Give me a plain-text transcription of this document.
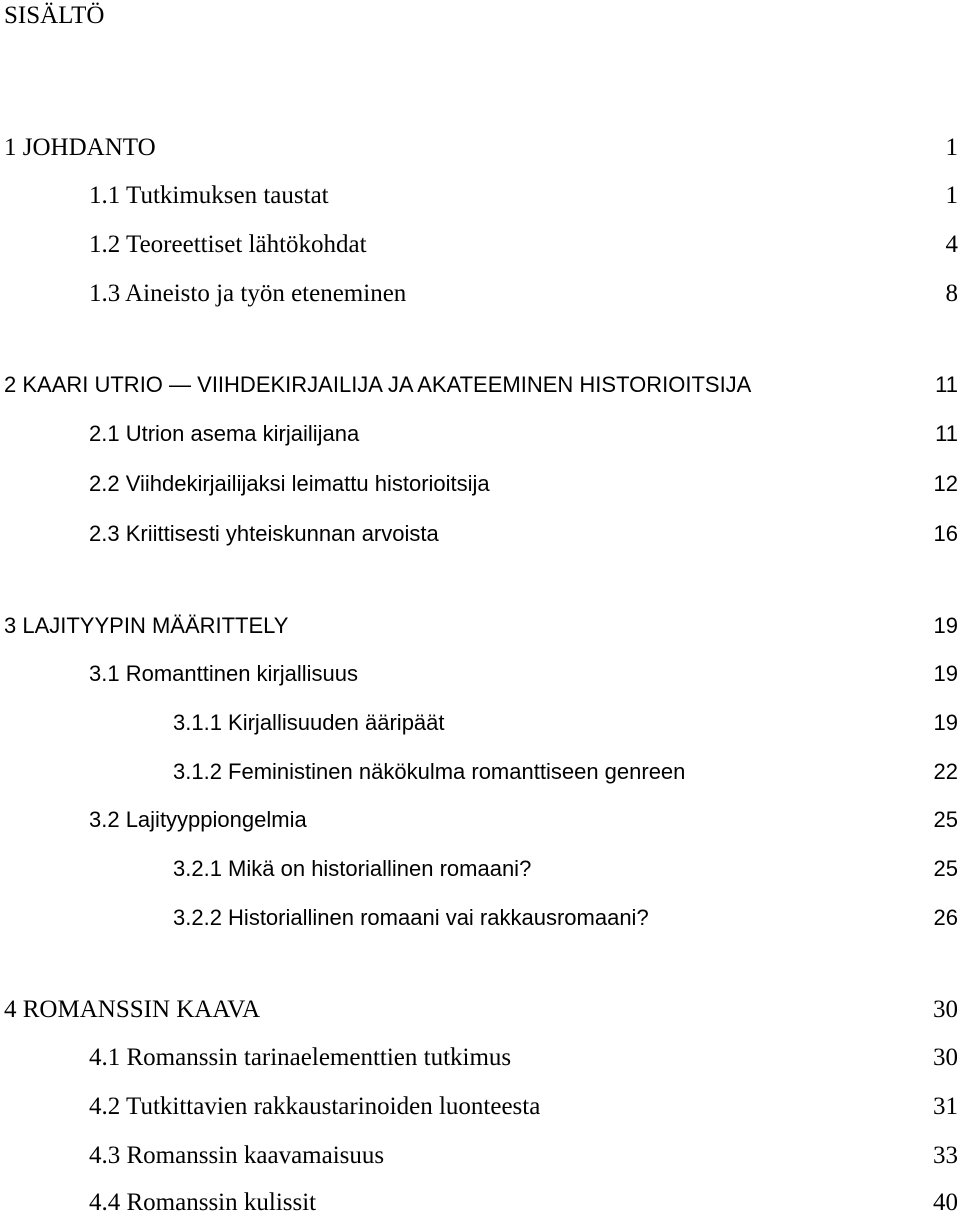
SISÄLTÖ
1 JOHDANTO	1
1.1 Tutkimuksen taustat	1
1.2 Teoreettiset lähtökohdat	4
1.3 Aineisto ja työn eteneminen	8
2 KAARI UTRIO — VIIHDEKIRJAILIJA JA AKATEEMINEN HISTORIOITSIJA	11
2.1 Utrion asema kirjailijana	11
2.2 Viihdekirjailijaksi leimattu historioitsija	12
2.3 Kriittisesti yhteiskunnan arvoista	16
3 LAJITYYPIN MÄÄRITTELY	19
3.1 Romanttinen kirjallisuus	19
3.1.1 Kirjallisuuden ääripäät	19
3.1.2 Feministinen näkökulma romanttiseen genreen	22
3.2 Lajityyppiongelmia	25
3.2.1 Mikä on historiallinen romaani?	25
3.2.2 Historiallinen romaani vai rakkausromaani?	26
4 ROMANSSIN KAAVA	30
4.1 Romanssin tarinaelementtien tutkimus	30
4.2 Tutkittavien rakkaustarinoiden luonteesta	31
4.3 Romanssin kaavamaisuus	33
4.4 Romanssin kulissit	40
